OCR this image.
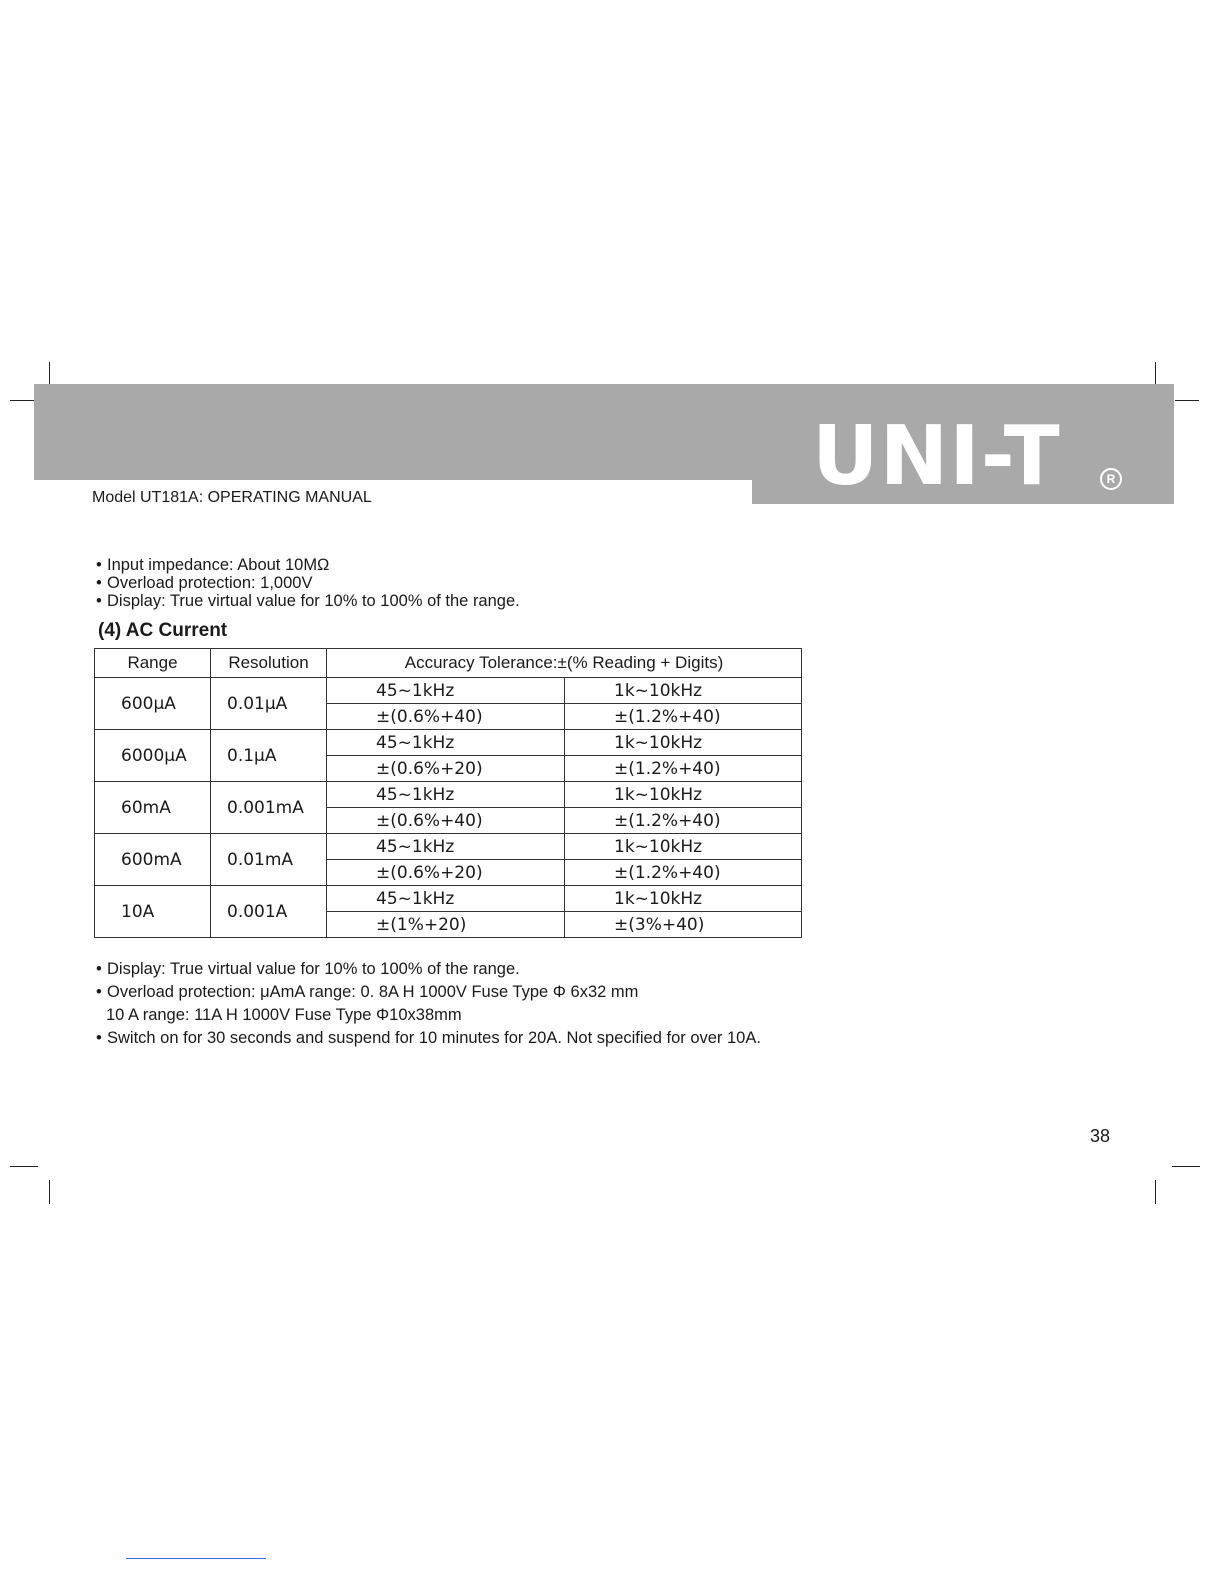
UNI-T	R
Model UT181A: OPERATING MANUAL
• Input impedance: About 10MΩ
• Overload protection: 1,000V
• Display: True virtual value for 10% to 100% of the range.
(4) AC Current
Range	Resolution	Accuracy Tolerance:±(% Reading + Digits)	
600μA	0.01μA	45~1kHz	1k~10kHz
		±(0.6%+40)	±(1.2%+40)
6000μA	0.1μA	45~1kHz	1k~10kHz
		±(0.6%+20)	±(1.2%+40)
60mA	0.001mA	45~1kHz	1k~10kHz
		±(0.6%+40)	±(1.2%+40)
600mA	0.01mA	45~1kHz	1k~10kHz
		±(0.6%+20)	±(1.2%+40)
10A	0.001A	45~1kHz	1k~10kHz
		±(1%+20)	±(3%+40)
• Display: True virtual value for 10% to 100% of the range.
• Overload protection: μAmA range: 0. 8A H 1000V Fuse Type Φ 6x32 mm
10 A range: 11A H 1000V Fuse Type Φ10x38mm
• Switch on for 30 seconds and suspend for 10 minutes for 20A. Not specified for over 10A.
38
